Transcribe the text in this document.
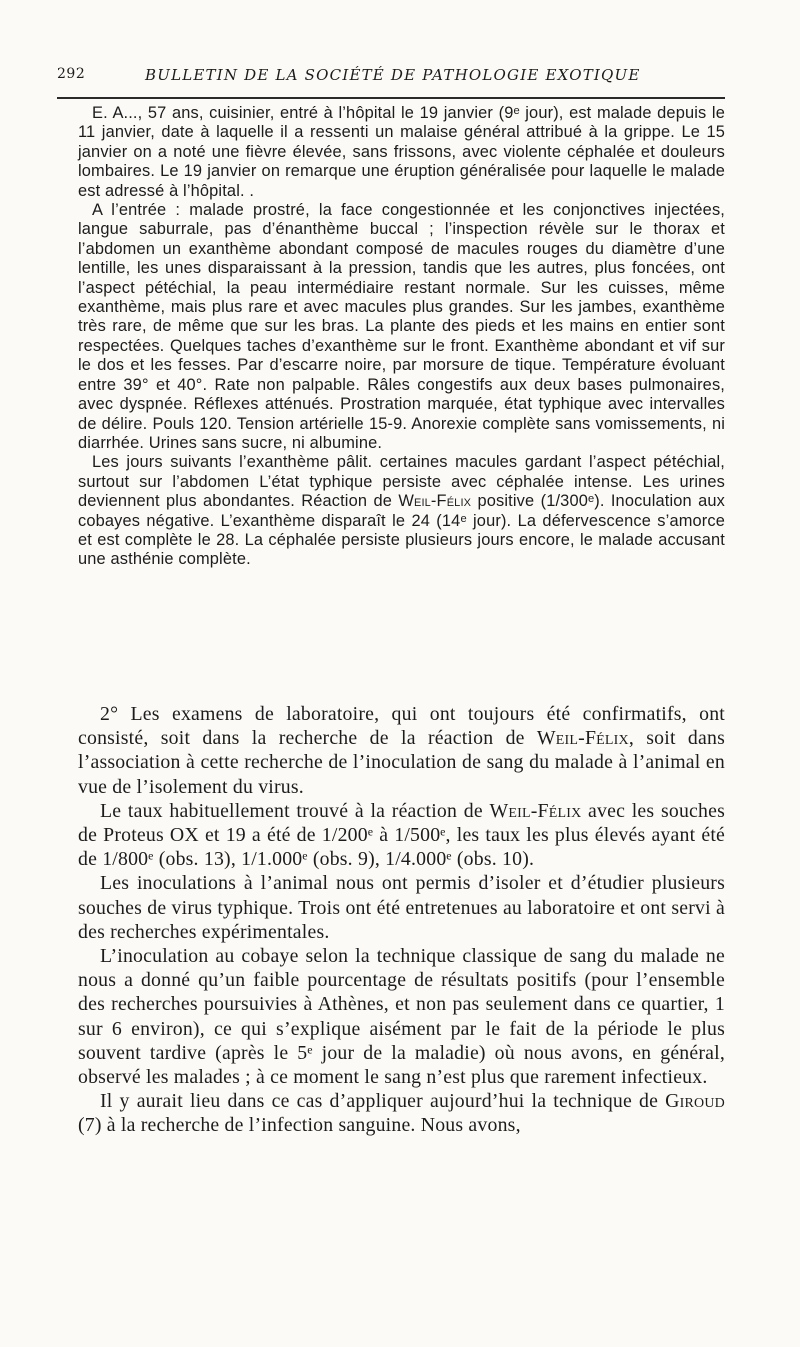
292	BULLETIN DE LA SOCIÉTÉ DE PATHOLOGIE EXOTIQUE

E. A..., 57 ans, cuisinier, entré à l’hôpital le 19 janvier (9ᵉ jour), est malade depuis le 11 janvier, date à laquelle il a ressenti un malaise général attribué à la grippe. Le 15 janvier on a noté une fièvre élevée, sans frissons, avec violente céphalée et douleurs lombaires. Le 19 janvier on remarque une éruption généralisée pour laquelle le malade est adressé à l’hôpital. .

A l’entrée : malade prostré, la face congestionnée et les conjonctives injectées, langue saburrale, pas d’énanthème buccal ; l’inspection révèle sur le thorax et l’abdomen un exanthème abondant composé de macules rouges du diamètre d’une lentille, les unes disparaissant à la pression, tandis que les autres, plus foncées, ont l’aspect pétéchial, la peau intermédiaire restant normale. Sur les cuisses, même exanthème, mais plus rare et avec macules plus grandes. Sur les jambes, exanthème très rare, de même que sur les bras. La plante des pieds et les mains en entier sont respectées. Quelques taches d’exanthème sur le front. Exanthème abondant et vif sur le dos et les fesses. Par d’escarre noire, par morsure de tique. Température évoluant entre 39° et 40°. Rate non palpable. Râles congestifs aux deux bases pulmonaires, avec dyspnée. Réflexes atténués. Prostration marquée, état typhique avec intervalles de délire. Pouls 120. Tension artérielle 15-9. Anorexie complète sans vomissements, ni diarrhée. Urines sans sucre, ni albumine.

Les jours suivants l’exanthème pâlit. certaines macules gardant l’aspect pétéchial, surtout sur l’abdomen L’état typhique persiste avec céphalée intense. Les urines deviennent plus abondantes. Réaction de Weil-Félix positive (1/300ᵉ). Inoculation aux cobayes négative. L’exanthème disparaît le 24 (14ᵉ jour). La défervescence s’amorce et est complète le 28. La céphalée persiste plusieurs jours encore, le malade accusant une asthénie complète.

2° Les examens de laboratoire, qui ont toujours été confirmatifs, ont consisté, soit dans la recherche de la réaction de Weil-Félix, soit dans l’association à cette recherche de l’inoculation de sang du malade à l’animal en vue de l’isolement du virus.

Le taux habituellement trouvé à la réaction de Weil-Félix avec les souches de Proteus OX et 19 a été de 1/200ᵉ à 1/500ᵉ, les taux les plus élevés ayant été de 1/800ᵉ (obs. 13), 1/1.000ᵉ (obs. 9), 1/4.000ᵉ (obs. 10).

Les inoculations à l’animal nous ont permis d’isoler et d’étudier plusieurs souches de virus typhique. Trois ont été entretenues au laboratoire et ont servi à des recherches expérimentales.

L’inoculation au cobaye selon la technique classique de sang du malade ne nous a donné qu’un faible pourcentage de résultats positifs (pour l’ensemble des recherches poursuivies à Athènes, et non pas seulement dans ce quartier, 1 sur 6 environ), ce qui s’explique aisément par le fait de la période le plus souvent tardive (après le 5ᵉ jour de la maladie) où nous avons, en général, observé les malades ; à ce moment le sang n’est plus que rarement infectieux.

Il y aurait lieu dans ce cas d’appliquer aujourd’hui la technique de Giroud (7) à la recherche de l’infection sanguine. Nous avons,
